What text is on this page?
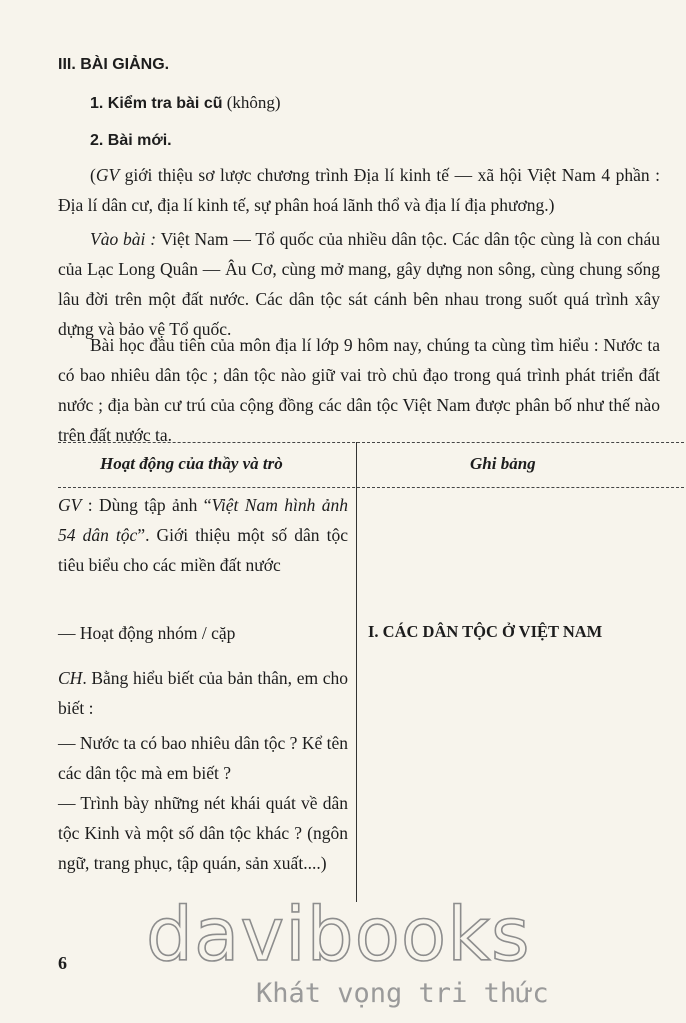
III. BÀI GIẢNG.
1. Kiểm tra bài cũ (không)
2. Bài mới.
(GV giới thiệu sơ lược chương trình Địa lí kinh tế — xã hội Việt Nam 4 phần : Địa lí dân cư, địa lí kinh tế, sự phân hoá lãnh thổ và địa lí địa phương.)
Vào bài : Việt Nam — Tổ quốc của nhiều dân tộc. Các dân tộc cùng là con cháu của Lạc Long Quân — Âu Cơ, cùng mở mang, gây dựng non sông, cùng chung sống lâu đời trên một đất nước. Các dân tộc sát cánh bên nhau trong suốt quá trình xây dựng và bảo vệ Tổ quốc.
Bài học đầu tiên của môn địa lí lớp 9 hôm nay, chúng ta cùng tìm hiểu : Nước ta có bao nhiêu dân tộc ; dân tộc nào giữ vai trò chủ đạo trong quá trình phát triển đất nước ; địa bàn cư trú của cộng đồng các dân tộc Việt Nam được phân bố như thế nào trên đất nước ta.
Hoạt động của thầy và trò	Ghi bảng
GV : Dùng tập ảnh “Việt Nam hình ảnh 54 dân tộc”. Giới thiệu một số dân tộc tiêu biểu cho các miền đất nước
— Hoạt động nhóm / cặp
CH. Bằng hiểu biết của bản thân, em cho biết :
— Nước ta có bao nhiêu dân tộc ? Kể tên các dân tộc mà em biết ?
— Trình bày những nét khái quát về dân tộc Kinh và một số dân tộc khác ? (ngôn ngữ, trang phục, tập quán, sản xuất....)
I. CÁC DÂN TỘC Ở VIỆT NAM
6 davibooks
Khát vọng tri thức
